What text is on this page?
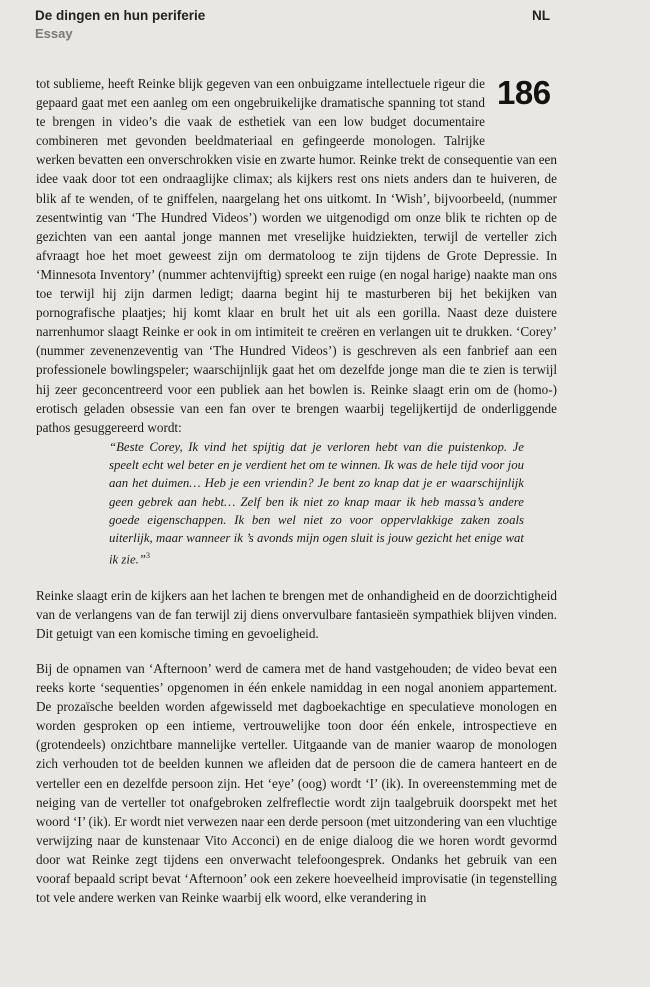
De dingen en hun periferie
Essay
NL
186

tot sublieme, heeft Reinke blijk gegeven van een onbuigzame intellectuele rigeur die gepaard gaat met een aanleg om een ongebruikelijke dramatische spanning tot stand te brengen in video’s die vaak de esthetiek van een low budget documentaire combineren met gevonden beeldmateriaal en gefingeerde monologen. Talrijke werken bevatten een onverschrokken visie en zwarte humor. Reinke trekt de consequentie van een idee vaak door tot een ondraaglijke climax; als kijkers rest ons niets anders dan te huiveren, de blik af te wenden, of te gniffelen, naargelang het ons uitkomt. In ‘Wish’, bijvoorbeeld, (nummer zesentwintig van ‘The Hundred Videos’) worden we uitgenodigd om onze blik te richten op de gezichten van een aantal jonge mannen met vreselijke huidziekten, terwijl de verteller zich afvraagt hoe het moet geweest zijn om dermatoloog te zijn tijdens de Grote Depressie. In ‘Minnesota Inventory’ (nummer achtenvijftig) spreekt een ruige (en nogal harige) naakte man ons toe terwijl hij zijn darmen ledigt; daarna begint hij te masturberen bij het bekijken van pornografische plaatjes; hij komt klaar en brult het uit als een gorilla. Naast deze duistere narrenhumor slaagt Reinke er ook in om intimiteit te creëren en verlangen uit te drukken. ‘Corey’ (nummer zevenenzeventig van ‘The Hundred Videos’) is geschreven als een fanbrief aan een professionele bowlingspeler; waarschijnlijk gaat het om dezelfde jonge man die te zien is terwijl hij zeer geconcentreerd voor een publiek aan het bowlen is. Reinke slaagt erin om de (homo-) erotisch geladen obsessie van een fan over te brengen waarbij tegelijkertijd de onderliggende pathos gesuggereerd wordt:

“Beste Corey, Ik vind het spijtig dat je verloren hebt van die puistenkop. Je speelt echt wel beter en je verdient het om te winnen. Ik was de hele tijd voor jou aan het duimen… Heb je een vriendin? Je bent zo knap dat je er waarschijnlijk geen gebrek aan hebt… Zelf ben ik niet zo knap maar ik heb massa’s andere goede eigenschappen. Ik ben wel niet zo voor oppervlakkige zaken zoals uiterlijk, maar wanneer ik ’s avonds mijn ogen sluit is jouw gezicht het enige wat ik zie.”$^3$
Reinke slaagt erin de kijkers aan het lachen te brengen met de onhandigheid en de doorzichtigheid van de verlangens van de fan terwijl zij diens onvervulbare fantasieën sympathiek blijven vinden. Dit getuigt van een komische timing en gevoeligheid.
Bij de opnamen van ‘Afternoon’ werd de camera met de hand vastgehouden; de video bevat een reeks korte ‘sequenties’ opgenomen in één enkele namiddag in een nogal anoniem appartement. De prozaïsche beelden worden afgewisseld met dagboekachtige en speculatieve monologen en worden gesproken op een intieme, vertrouwelijke toon door één enkele, introspectieve en (grotendeels) onzichtbare mannelijke verteller. Uitgaande van de manier waarop de monologen zich verhouden tot de beelden kunnen we afleiden dat de persoon die de camera hanteert en de verteller een en dezelfde persoon zijn. Het ‘eye’ (oog) wordt ‘I’ (ik). In overeenstemming met de neiging van de verteller tot onafgebroken zelfreflectie wordt zijn taalgebruik doorspekt met het woord ‘I’ (ik). Er wordt niet verwezen naar een derde persoon (met uitzondering van een vluchtige verwijzing naar de kunstenaar Vito Acconci) en de enige dialoog die we horen wordt gevormd door wat Reinke zegt tijdens een onverwacht telefoongesprek. Ondanks het gebruik van een vooraf bepaald script bevat ‘Afternoon’ ook een zekere hoeveelheid improvisatie (in tegenstelling tot vele andere werken van Reinke waarbij elk woord, elke verandering in
